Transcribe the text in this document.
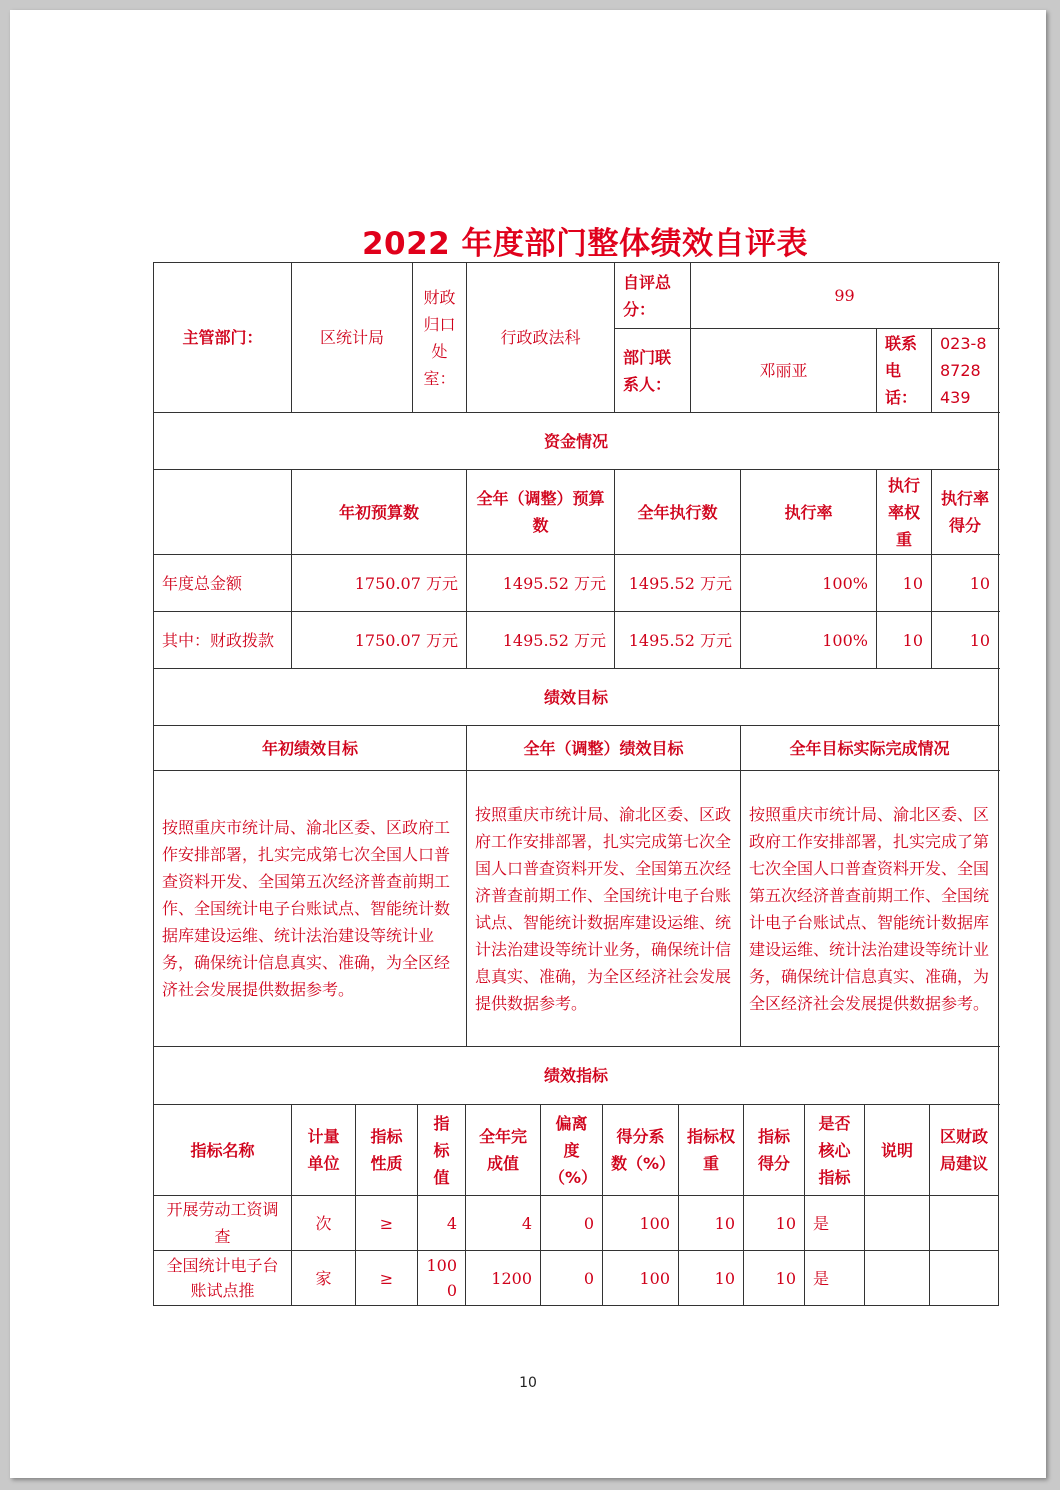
2022 年度部门整体绩效自评表
主管部门：	区统计局	财政归口处室：	行政政法科	自评总分：	99			
				部门联系人：	邓丽亚		联系电话：	023-88728439
资金情况								
	年初预算数		全年（调整）预算数	全年执行数		执行率	执行率权重	执行率得分
年度总金额	1750.07 万元		1495.52 万元	1495.52 万元		100%	10	10
其中：财政拨款	1750.07 万元		1495.52 万元	1495.52 万元		100%	10	10
绩效目标								
年初绩效目标			全年（调整）绩效目标			全年目标实际完成情况		
按照重庆市统计局、渝北区委、区政府工作安排部署，扎实完成第七次全国人口普查资料开发、全国第五次经济普查前期工作、全国统计电子台账试点、智能统计数据库建设运维、统计法治建设等统计业务，确保统计信息真实、准确，为全区经济社会发展提供数据参考。			按照重庆市统计局、渝北区委、区政府工作安排部署，扎实完成第七次全国人口普查资料开发、全国第五次经济普查前期工作、全国统计电子台账试点、智能统计数据库建设运维、统计法治建设等统计业务，确保统计信息真实、准确，为全区经济社会发展提供数据参考。			按照重庆市统计局、渝北区委、区政府工作安排部署，扎实完成了第七次全国人口普查资料开发、全国第五次经济普查前期工作、全国统计电子台账试点、智能统计数据库建设运维、统计法治建设等统计业务，确保统计信息真实、准确，为全区经济社会发展提供数据参考。		
绩效指标								
指标名称	计量单位	指标性质	指标值	全年完成值	偏离度（%）	得分系数（%）	指标权重	指标得分	是否核心指标	说明	区财政局建议
开展劳动工资调查	次	≥	4	4	0	100	10	10	是		
全国统计电子台账试点推	家	≥	1000	1200	0	100	10	10	是		
10
